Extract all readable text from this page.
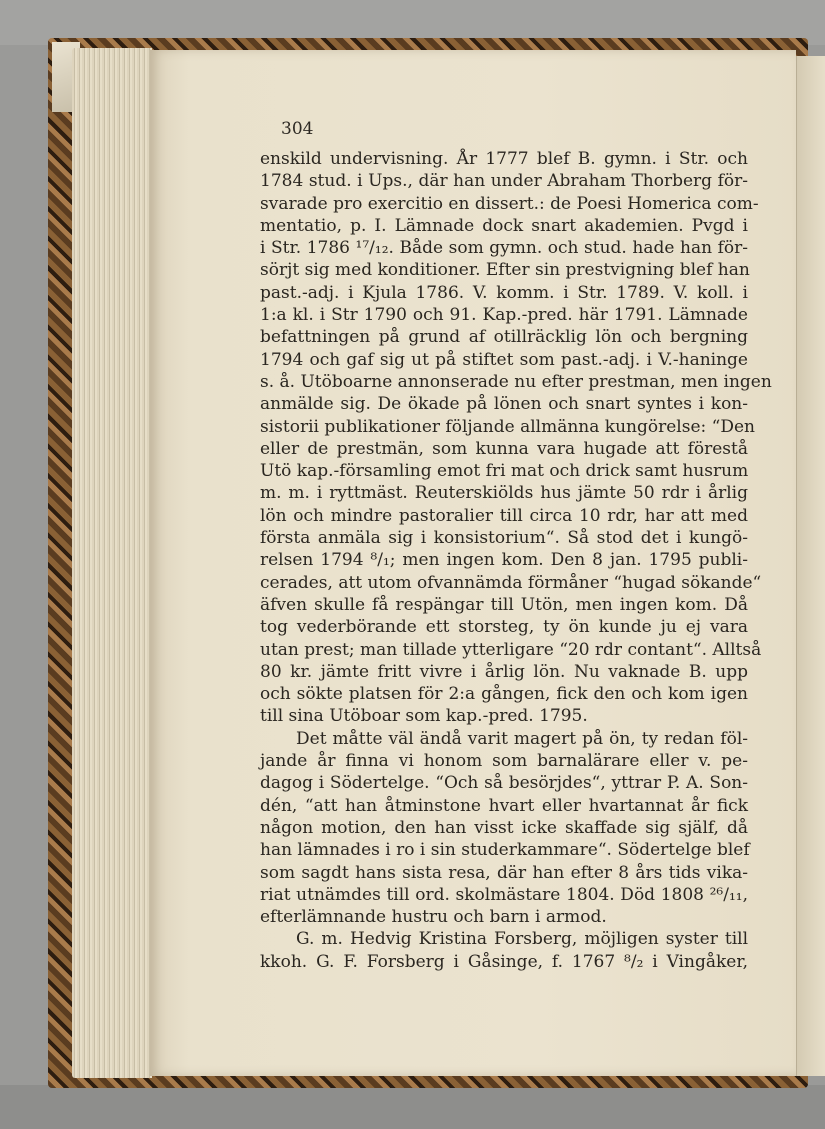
304

enskild undervisning. År 1777 blef B. gymn. i Str. och
1784 stud. i Ups., där han under Abraham Thorberg för-
svarade pro exercitio en dissert.: de Poesi Homerica com-
mentatio, p. I. Lämnade dock snart akademien. Pvgd i
i Str. 1786 ¹⁷/₁₂. Både som gymn. och stud. hade han för-
sörjt sig med konditioner. Efter sin prestvigning blef han
past.-adj. i Kjula 1786. V. komm. i Str. 1789. V. koll. i
1:a kl. i Str 1790 och 91. Kap.-pred. här 1791. Lämnade
befattningen på grund af otillräcklig lön och bergning
1794 och gaf sig ut på stiftet som past.-adj. i V.-haninge
s. å. Utöboarne annonserade nu efter prestman, men ingen
anmälde sig. De ökade på lönen och snart syntes i kon-
sistorii publikationer följande allmänna kungörelse: “Den
eller de prestmän, som kunna vara hugade att förestå
Utö kap.-församling emot fri mat och drick samt husrum
m. m. i ryttmäst. Reuterskiölds hus jämte 50 rdr i årlig
lön och mindre pastoralier till circa 10 rdr, har att med
första anmäla sig i konsistorium“. Så stod det i kungö-
relsen 1794 ⁸/₁; men ingen kom. Den 8 jan. 1795 publi-
cerades, att utom ofvannämda förmåner “hugad sökande“
äfven skulle få respängar till Utön, men ingen kom. Då
tog vederbörande ett storsteg, ty ön kunde ju ej vara
utan prest; man tillade ytterligare “20 rdr contant“. Alltså
80 kr. jämte fritt vivre i årlig lön. Nu vaknade B. upp
och sökte platsen för 2:a gången, fick den och kom igen
till sina Utöboar som kap.-pred. 1795.
Det måtte väl ändå varit magert på ön, ty redan föl-
jande år finna vi honom som barnalärare eller v. pe-
dagog i Södertelge. “Och så besörjdes“, yttrar P. A. Son-
dén, “att han åtminstone hvart eller hvartannat år fick
någon motion, den han visst icke skaffade sig själf, då
han lämnades i ro i sin studerkammare“. Södertelge blef
som sagdt hans sista resa, där han efter 8 års tids vika-
riat utnämdes till ord. skolmästare 1804. Död 1808 ²⁶/₁₁,
efterlämnande hustru och barn i armod.
G. m. Hedvig Kristina Forsberg, möjligen syster till
kkoh. G. F. Forsberg i Gåsinge, f. 1767 ⁸/₂ i Vingåker,
